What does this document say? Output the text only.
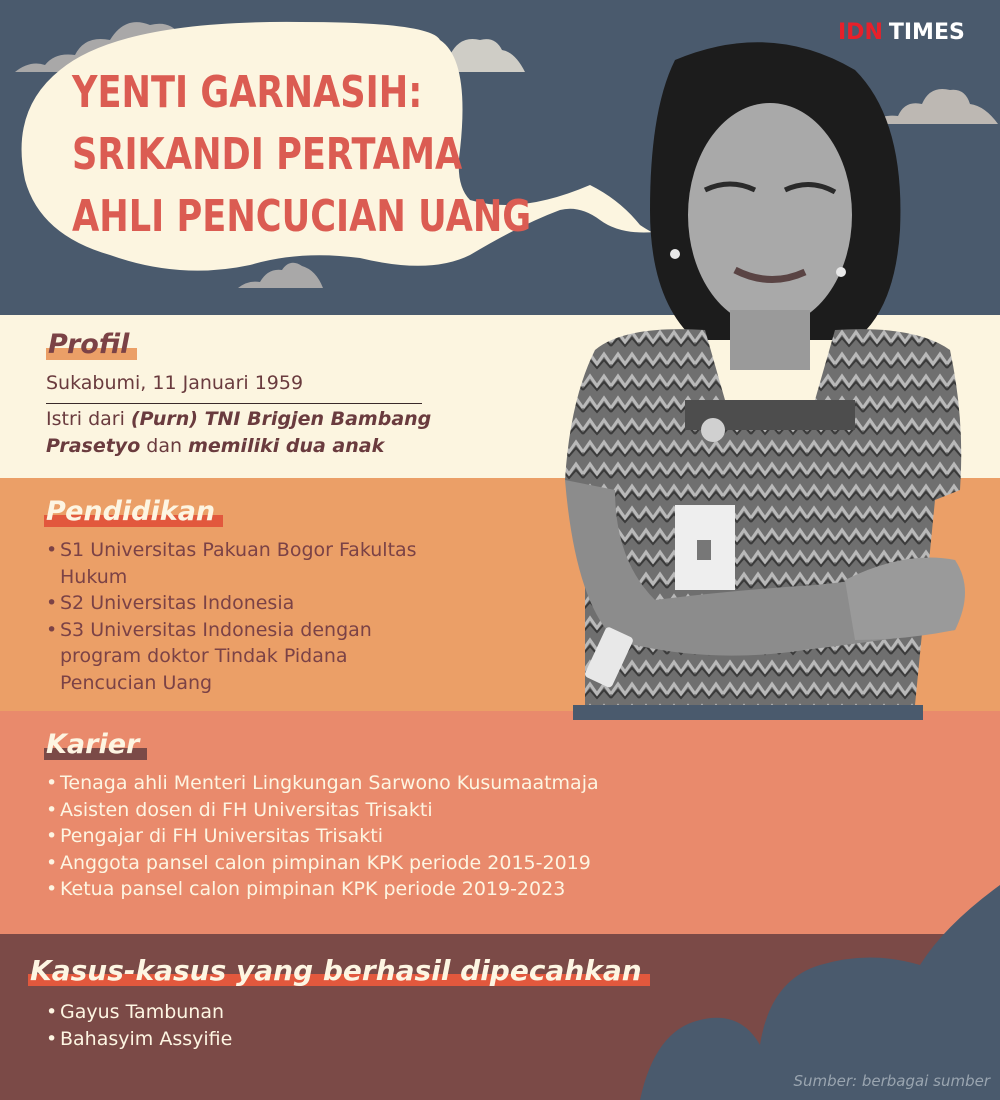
YENTI GARNASIH:
SRIKANDI PERTAMA
AHLI PENCUCIAN UANG
IDN TIMES
Profil
Sukabumi, 11 Januari 1959
Istri dari (Purn) TNI Brigjen Bambang Prasetyo dan memiliki dua anak
Pendidikan
• S1 Universitas Pakuan Bogor Fakultas Hukum
• S2 Universitas Indonesia
• S3 Universitas Indonesia dengan program doktor Tindak Pidana Pencucian Uang
Karier
• Tenaga ahli Menteri Lingkungan Sarwono Kusumaatmaja
• Asisten dosen di FH Universitas Trisakti
• Pengajar di FH Universitas Trisakti
• Anggota pansel calon pimpinan KPK periode 2015-2019
• Ketua pansel calon pimpinan KPK periode 2019-2023
Kasus-kasus yang berhasil dipecahkan
• Gayus Tambunan
• Bahasyim Assyifie
Sumber: berbagai sumber
